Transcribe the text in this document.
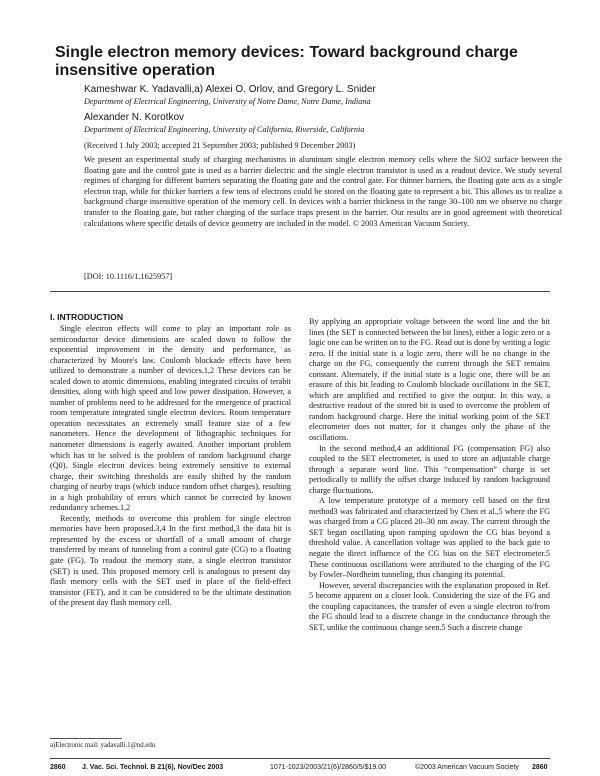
Single electron memory devices: Toward background charge insensitive operation
Kameshwar K. Yadavalli,a) Alexei O. Orlov, and Gregory L. Snider
Department of Electrical Engineering, University of Notre Dame, Notre Dame, Indiana
Alexander N. Korotkov
Department of Electrical Engineering, University of California, Riverside, California
(Received 1 July 2003; accepted 21 September 2003; published 9 December 2003)

We present an experimental study of charging mechanisms in aluminum single electron memory cells where the SiO2 surface between the floating gate and the control gate is used as a barrier dielectric and the single electron transistor is used as a readout device. We study several regimes of charging for different barriers separating the floating gate and the control gate. For thinner barriers, the floating gate acts as a single electron trap, while for thicker barriers a few tens of electrons could be stored on the floating gate to represent a bit. This allows us to realize a background charge insensitive operation of the memory cell. In devices with a barrier thickness in the range 30–100 nm we observe no charge transfer to the floating gate, but rather charging of the surface traps present in the barrier. Our results are in good agreement with theoretical calculations where specific details of device geometry are included in the model. © 2003 American Vacuum Society.

[DOI: 10.1116/1.1625957]
I. INTRODUCTION

Single electron effects will come to play an important role as semiconductor device dimensions are scaled down to follow the exponential improvement in the density and performance, as characterized by Moore's law. Coulomb blockade effects have been utilized to demonstrate a number of devices.1,2 These devices can be scaled down to atomic dimensions, enabling integrated circuits of terabit densities, along with high speed and low power dissipation. However, a number of problems need to be addressed for the emergence of practical room temperature integrated single electron devices. Room temperature operation necessitates an extremely small feature size of a few nanometers. Hence the development of lithographic techniques for nanometer dimensions is eagerly awaited. Another important problem which has to be solved is the problem of random background charge (Q0). Single electron devices being extremely sensitive to external charge, their switching thresholds are easily shifted by the random charging of nearby traps (which induce random offset charges), resulting in a high probability of errors which cannot be corrected by known redundancy schemes.1,2

Recently, methods to overcome this problem for single electron memories have been proposed.3,4 In the first method,3 the data bit is represented by the excess or shortfall of a small amount of charge transferred by means of tunneling from a control gate (CG) to a floating gate (FG). To readout the memory state, a single electron transistor (SET) is used. This proposed memory cell is analogous to present day flash memory cells with the SET used in place of the field-effect transistor (FET), and it can be considered to be the ultimate destination of the present day flash memory cell.

By applying an appropriate voltage between the word line and the bit lines (the SET is connected between the bit lines), either a logic zero or a logic one can be written on to the FG. Read out is done by writing a logic zero. If the initial state is a logic zero, there will be no change in the charge on the FG, consequently the current through the SET remains constant. Alternately, if the initial state is a logic one, there will be an erasure of this bit leading to Coulomb blockade oscillations in the SET, which are amplified and rectified to give the output. In this way, a destructive readout of the stored bit is used to overcome the problem of random background charge. Here the initial working point of the SET electrometer does not matter, for it changes only the phase of the oscillations.

In the second method,4 an additional FG (compensation FG) also coupled to the SET electrometer, is used to store an adjustable charge through a separate word line. This “compensation” charge is set periodically to nullify the offset charge induced by random background charge fluctuations.

A low temperature prototype of a memory cell based on the first method3 was fabricated and characterized by Chen et al.,5 where the FG was charged from a CG placed 20–30 nm away. The current through the SET began oscillating upon ramping up/down the CG bias beyond a threshold value. A cancellation voltage was applied to the back gate to negate the direct influence of the CG bias on the SET electrometer.5 These continuous oscillations were attributed to the charging of the FG by Fowler–Nordheim tunneling, thus changing its potential.

However, several discrepancies with the explanation proposed in Ref. 5 become apparent on a closer look. Considering the size of the FG and the coupling capacitances, the transfer of even a single electron to/from the FG should lead to a discrete change in the conductance through the SET, unlike the continuous change seen.5 Such a discrete change

a)Electronic mail: yadavalli.1@nd.edu
2860 J. Vac. Sci. Technol. B 21(6), Nov/Dec 2003	1071-1023/2003/21(6)/2860/5/$19.00	©2003 American Vacuum Society 2860
